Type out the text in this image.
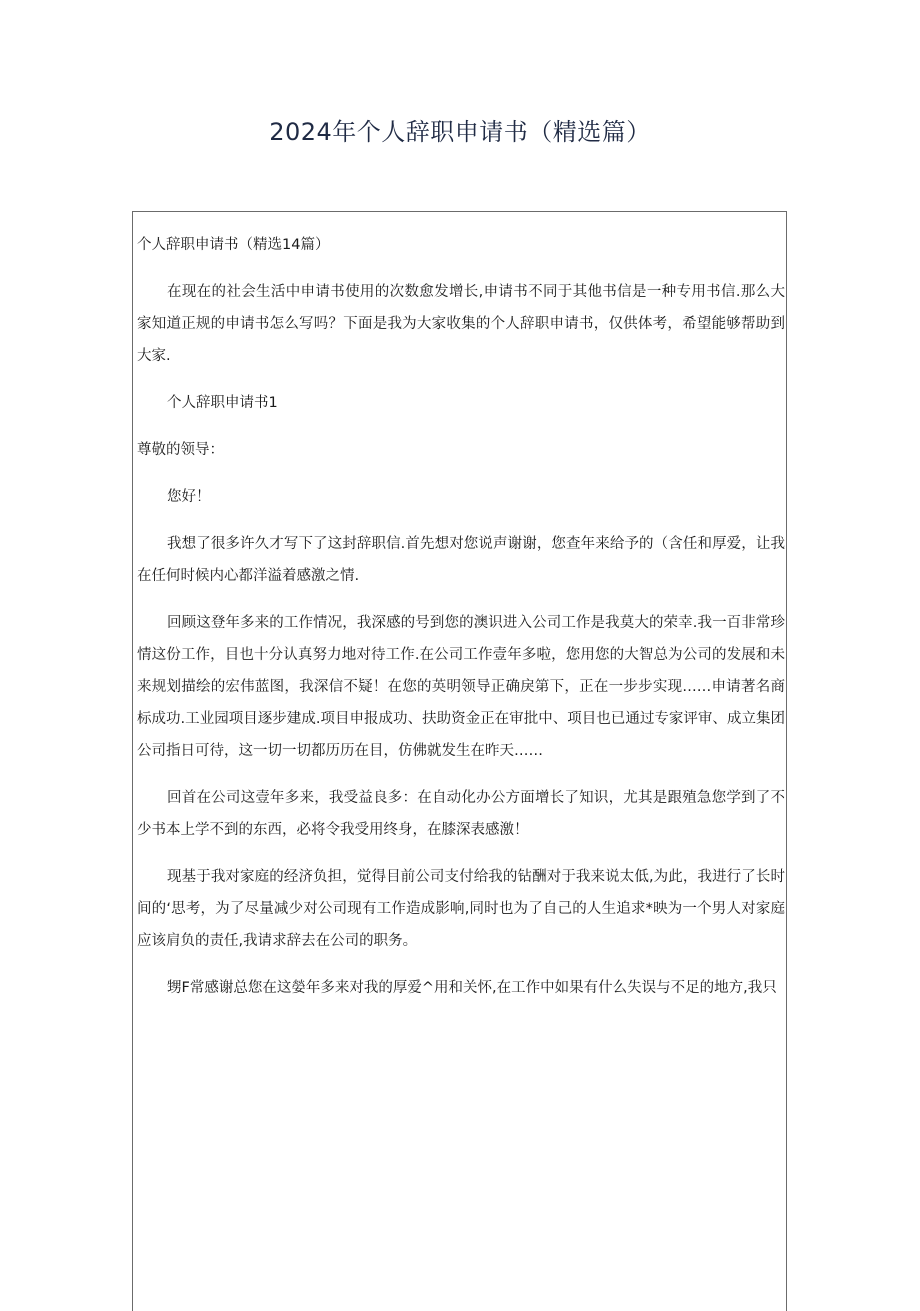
2024年个人辞职申请书（精选篇）

个人辞职申请书（精选14篇）

在现在的社会生活中申请书使用的次数愈发增长,申请书不同于其他书信是一种专用书信.那么大家知道正规的申请书怎么写吗？下面是我为大家收集的个人辞职申请书，仅供体考，希望能够帮助到大家.

个人辞职申请书1

尊敬的领导：

您好！

我想了很多许久才写下了这封辞职信.首先想对您说声谢谢，您查年来给予的（含任和厚爱，让我在任何时候内心都洋溢着感激之情.

回顾这登年多来的工作情况，我深感的号到您的澳识进入公司工作是我莫大的荣幸.我一百非常珍情这份工作，目也十分认真努力地对待工作.在公司工作壹年多啦，您用您的大智总为公司的发展和未来规划描绘的宏伟蓝图，我深信不疑！在您的英明领导正确戾第下，正在一步步实现……申请著名商标成功.工业园项目逐步建成.项目申报成功、扶助资金正在审批中、项目也已通过专家评审、成立集团公司指日可待，这一切一切都历历在目，仿佛就发生在昨天……

回首在公司这壹年多来，我受益良多：在自动化办公方面增长了知识，尤其是跟殖急您学到了不少书本上学不到的东西，必将令我受用终身，在膝深表感激！

现基于我对家庭的经济负担，觉得目前公司支付给我的钻酬对于我来说太低,为此，我进行了长时间的‘思考，为了尽量减少对公司现有工作造成影响,同时也为了自己的人生追求*映为一个男人对家庭应该肩负的责任,我请求辞去在公司的职务。

甥F常感谢总您在这嫈年多来对我的厚爱^用和关怀,在工作中如果有什么失误与不足的地方,我只
